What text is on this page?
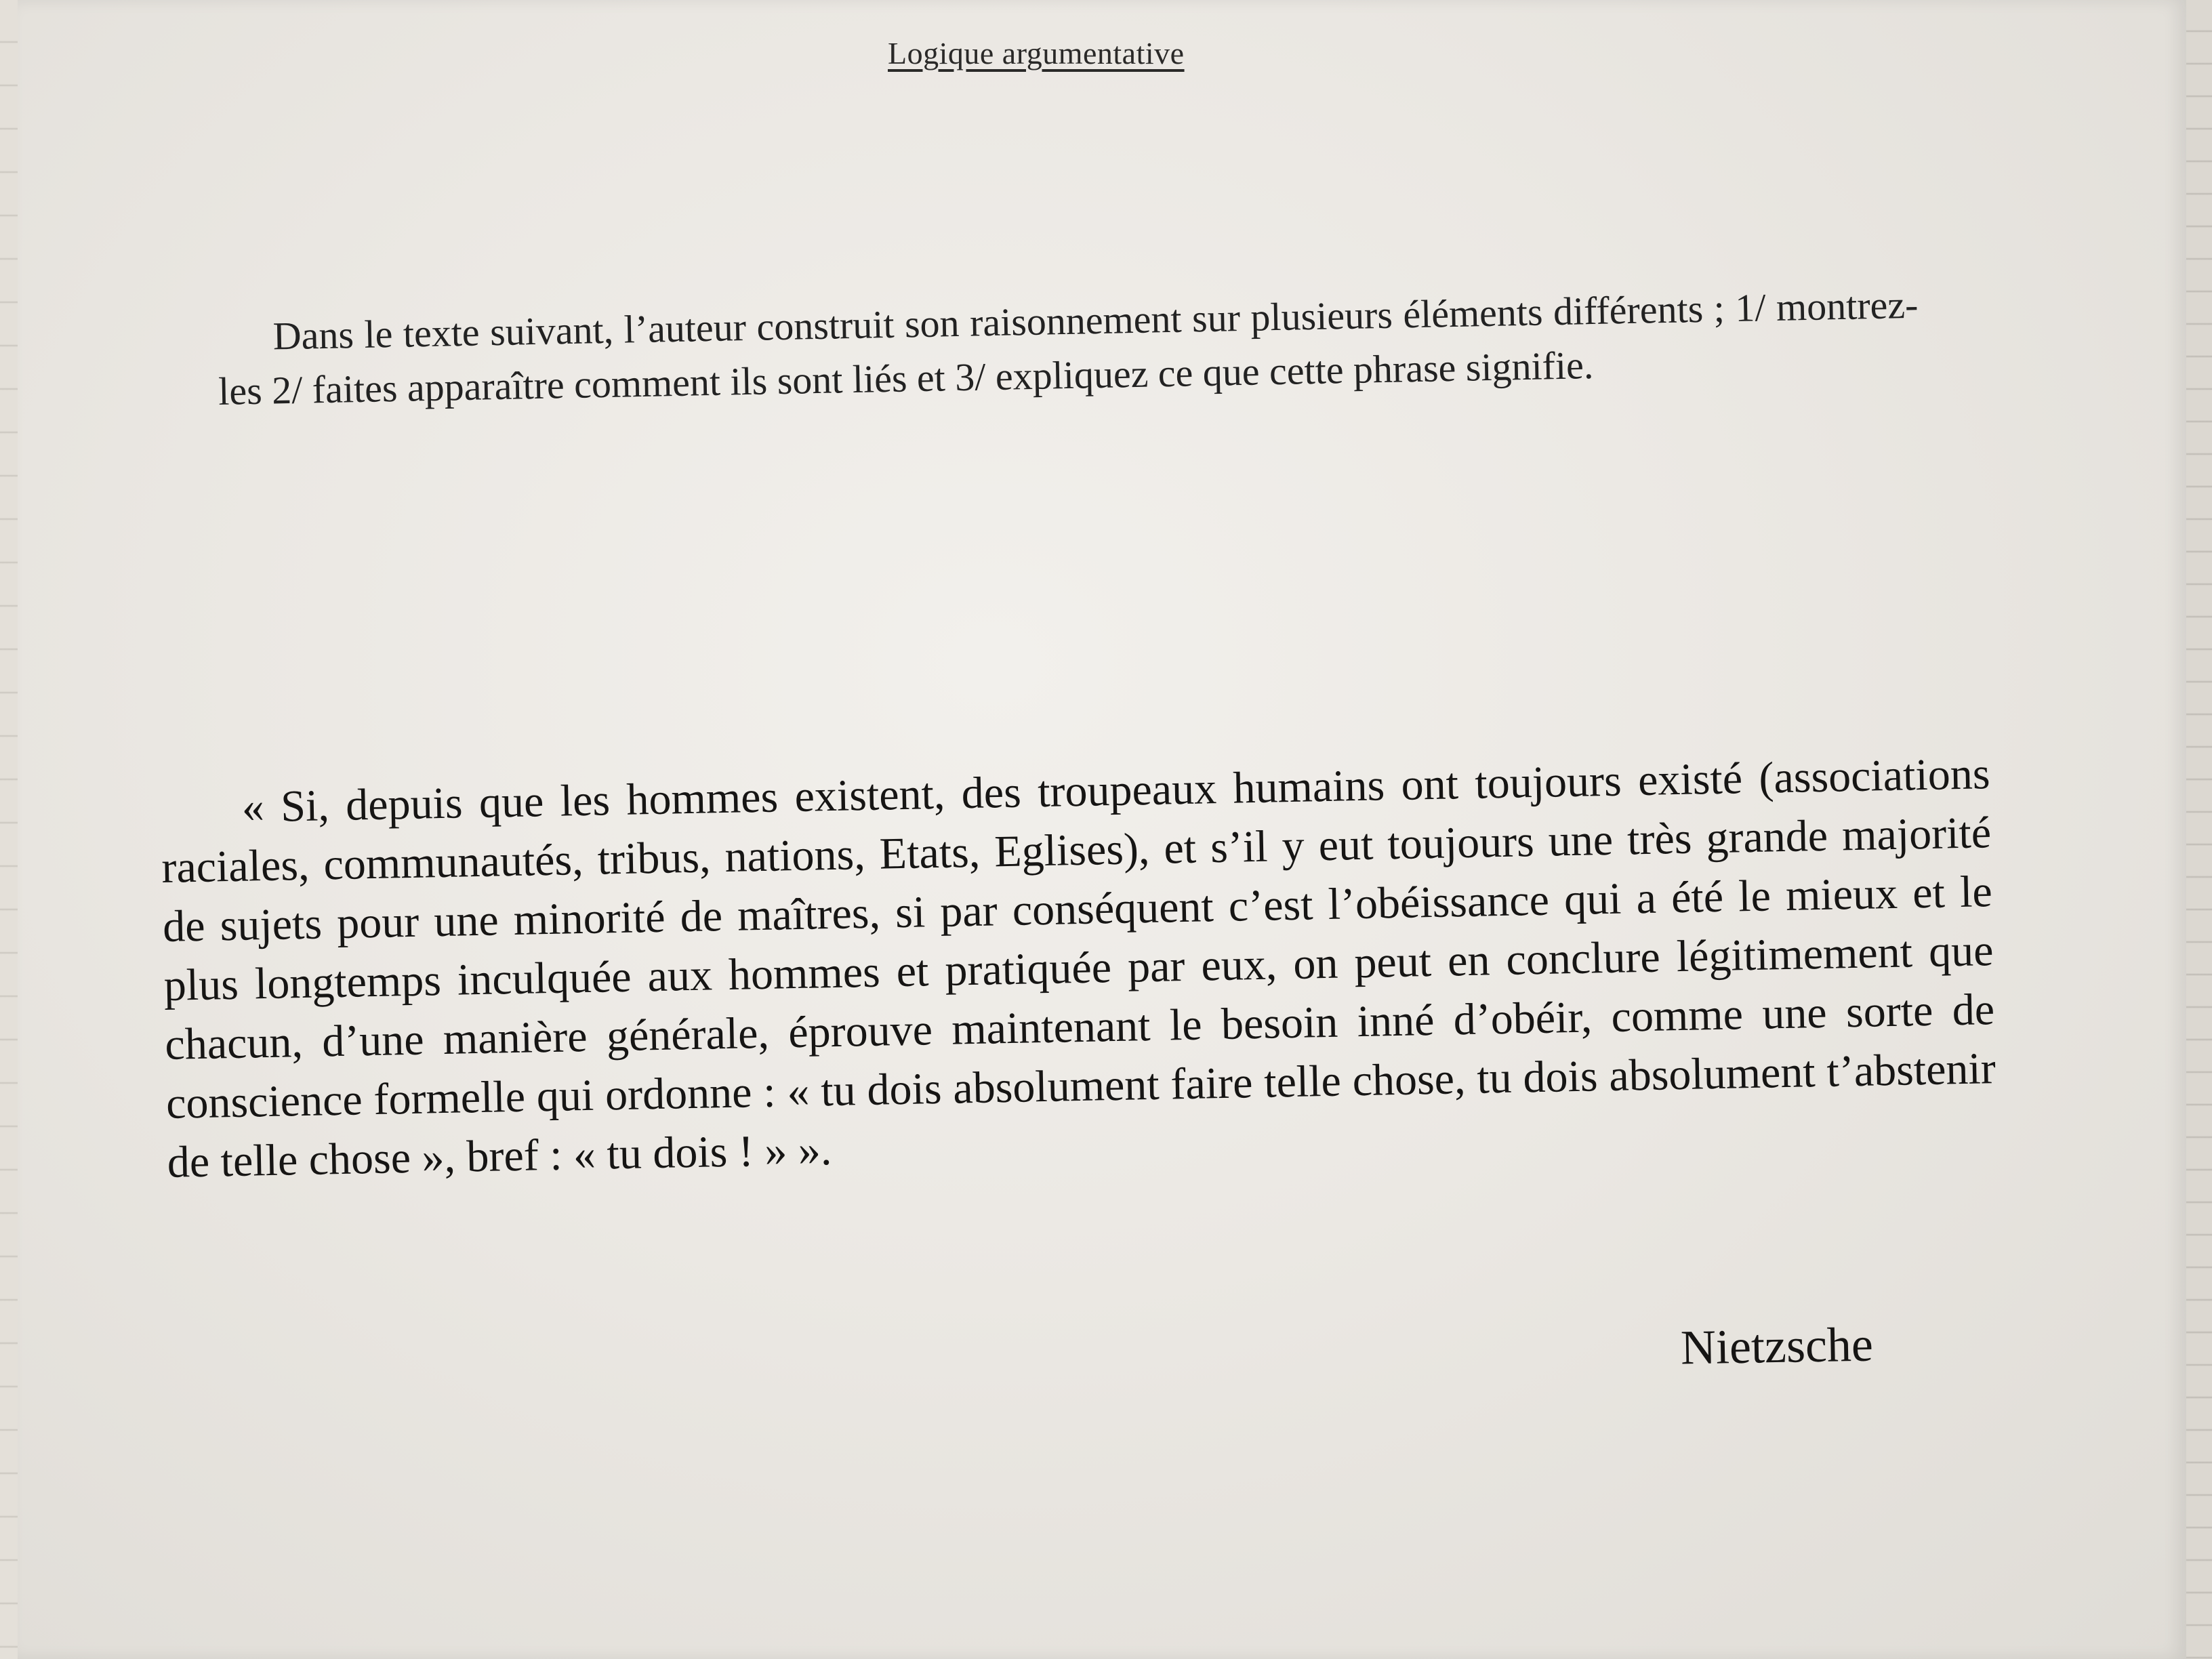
Logique argumentative
Dans le texte suivant, l’auteur construit son raisonnement sur plusieurs éléments différents ; 1/ montrez-les 2/ faites apparaître comment ils sont liés et 3/ expliquez ce que cette phrase signifie.
« Si, depuis que les hommes existent, des troupeaux humains ont toujours existé (associations raciales, communautés, tribus, nations, Etats, Eglises), et s’il y eut toujours une très grande majorité de sujets pour une minorité de maîtres, si par conséquent c’est l’obéissance qui a été le mieux et le plus longtemps inculquée aux hommes et pratiquée par eux, on peut en conclure légitimement que chacun, d’une manière générale, éprouve maintenant le besoin inné d’obéir, comme une sorte de conscience formelle qui ordonne : « tu dois absolument faire telle chose, tu dois absolument t’abstenir de telle chose », bref : « tu dois ! » ».
Nietzsche
